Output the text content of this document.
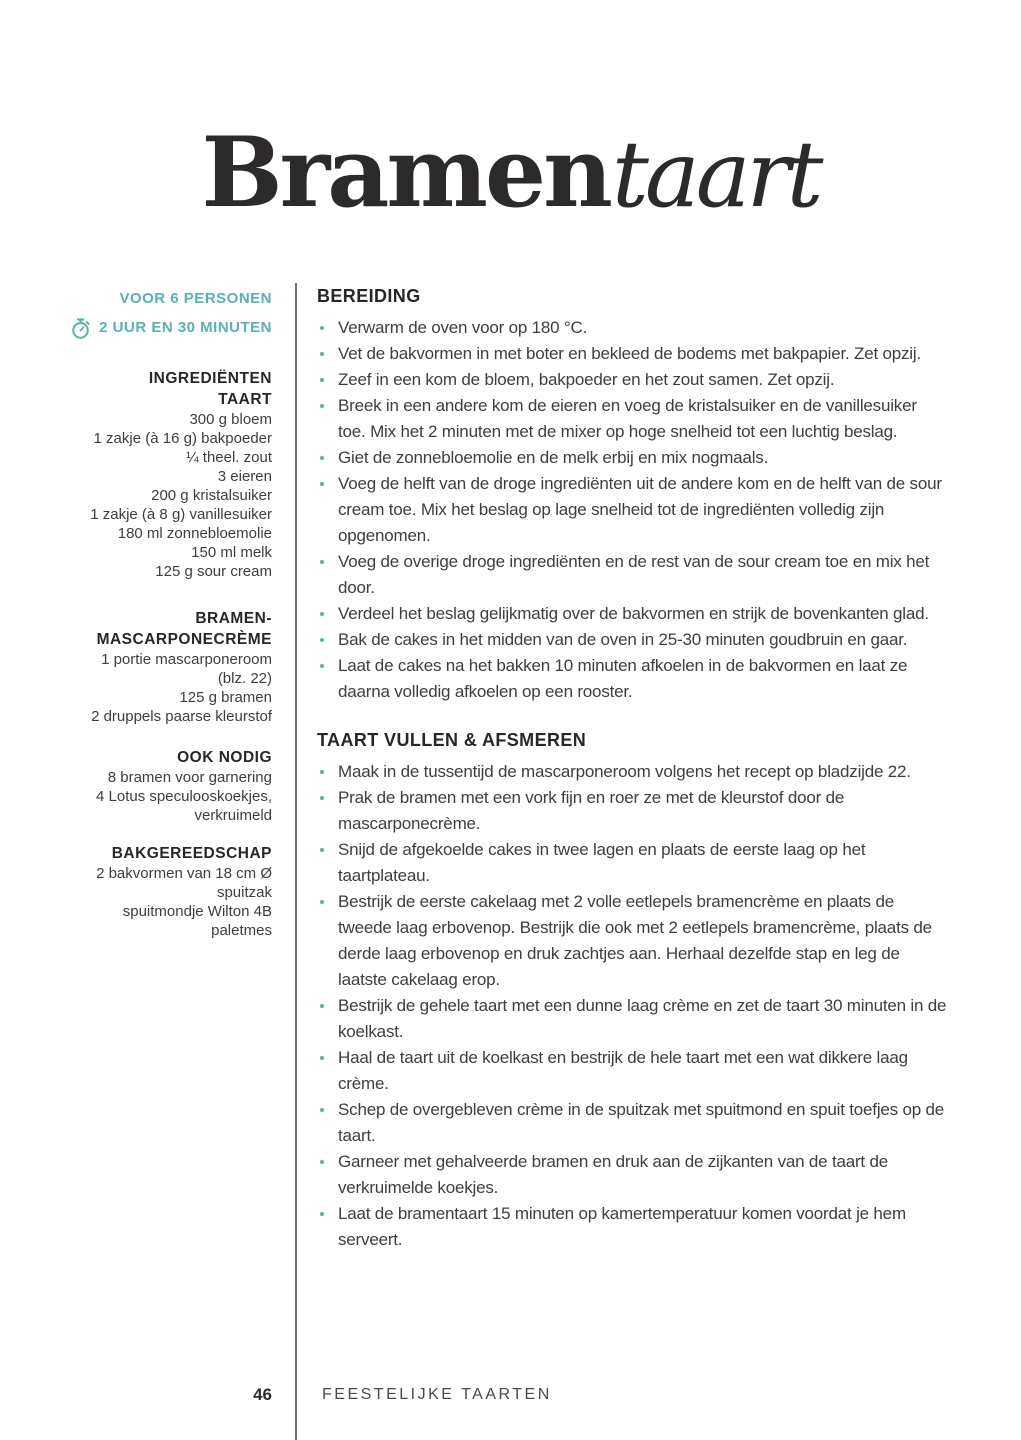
Bramentaart
VOOR 6 PERSONEN
2 UUR EN 30 MINUTEN
INGREDIËNTEN
TAART
300 g bloem
1 zakje (à 16 g) bakpoeder
¼ theel. zout
3 eieren
200 g kristalsuiker
1 zakje (à 8 g) vanillesuiker
180 ml zonnebloemolie
150 ml melk
125 g sour cream
BRAMEN-
MASCARPONECRÈME
1 portie mascarponeroom
(blz. 22)
125 g bramen
2 druppels paarse kleurstof
OOK NODIG
8 bramen voor garnering
4 Lotus speculooskoekjes,
verkruimeld
BAKGEREEDSCHAP
2 bakvormen van 18 cm Ø
spuitzak
spuitmondje Wilton 4B
paletmes
BEREIDING
Verwarm de oven voor op 180 °C.
Vet de bakvormen in met boter en bekleed de bodems met bakpapier. Zet opzij.
Zeef in een kom de bloem, bakpoeder en het zout samen. Zet opzij.
Breek in een andere kom de eieren en voeg de kristalsuiker en de vanillesuiker toe. Mix het 2 minuten met de mixer op hoge snelheid tot een luchtig beslag.
Giet de zonnebloemolie en de melk erbij en mix nogmaals.
Voeg de helft van de droge ingrediënten uit de andere kom en de helft van de sour cream toe. Mix het beslag op lage snelheid tot de ingrediënten volledig zijn opgenomen.
Voeg de overige droge ingrediënten en de rest van de sour cream toe en mix het door.
Verdeel het beslag gelijkmatig over de bakvormen en strijk de bovenkanten glad.
Bak de cakes in het midden van de oven in 25-30 minuten goudbruin en gaar.
Laat de cakes na het bakken 10 minuten afkoelen in de bakvormen en laat ze daarna volledig afkoelen op een rooster.
TAART VULLEN & AFSMEREN
Maak in de tussentijd de mascarponeroom volgens het recept op bladzijde 22.
Prak de bramen met een vork fijn en roer ze met de kleurstof door de mascarponecrème.
Snijd de afgekoelde cakes in twee lagen en plaats de eerste laag op het taartplateau.
Bestrijk de eerste cakelaag met 2 volle eetlepels bramencrème en plaats de tweede laag erbovenop. Bestrijk die ook met 2 eetlepels bramencrème, plaats de derde laag erbovenop en druk zachtjes aan. Herhaal dezelfde stap en leg de laatste cakelaag erop.
Bestrijk de gehele taart met een dunne laag crème en zet de taart 30 minuten in de koelkast.
Haal de taart uit de koelkast en bestrijk de hele taart met een wat dikkere laag crème.
Schep de overgebleven crème in de spuitzak met spuitmond en spuit toefjes op de taart.
Garneer met gehalveerde bramen en druk aan de zijkanten van de taart de verkruimelde koekjes.
Laat de bramentaart 15 minuten op kamertemperatuur komen voordat je hem serveert.
46	FEESTELIJKE TAARTEN
